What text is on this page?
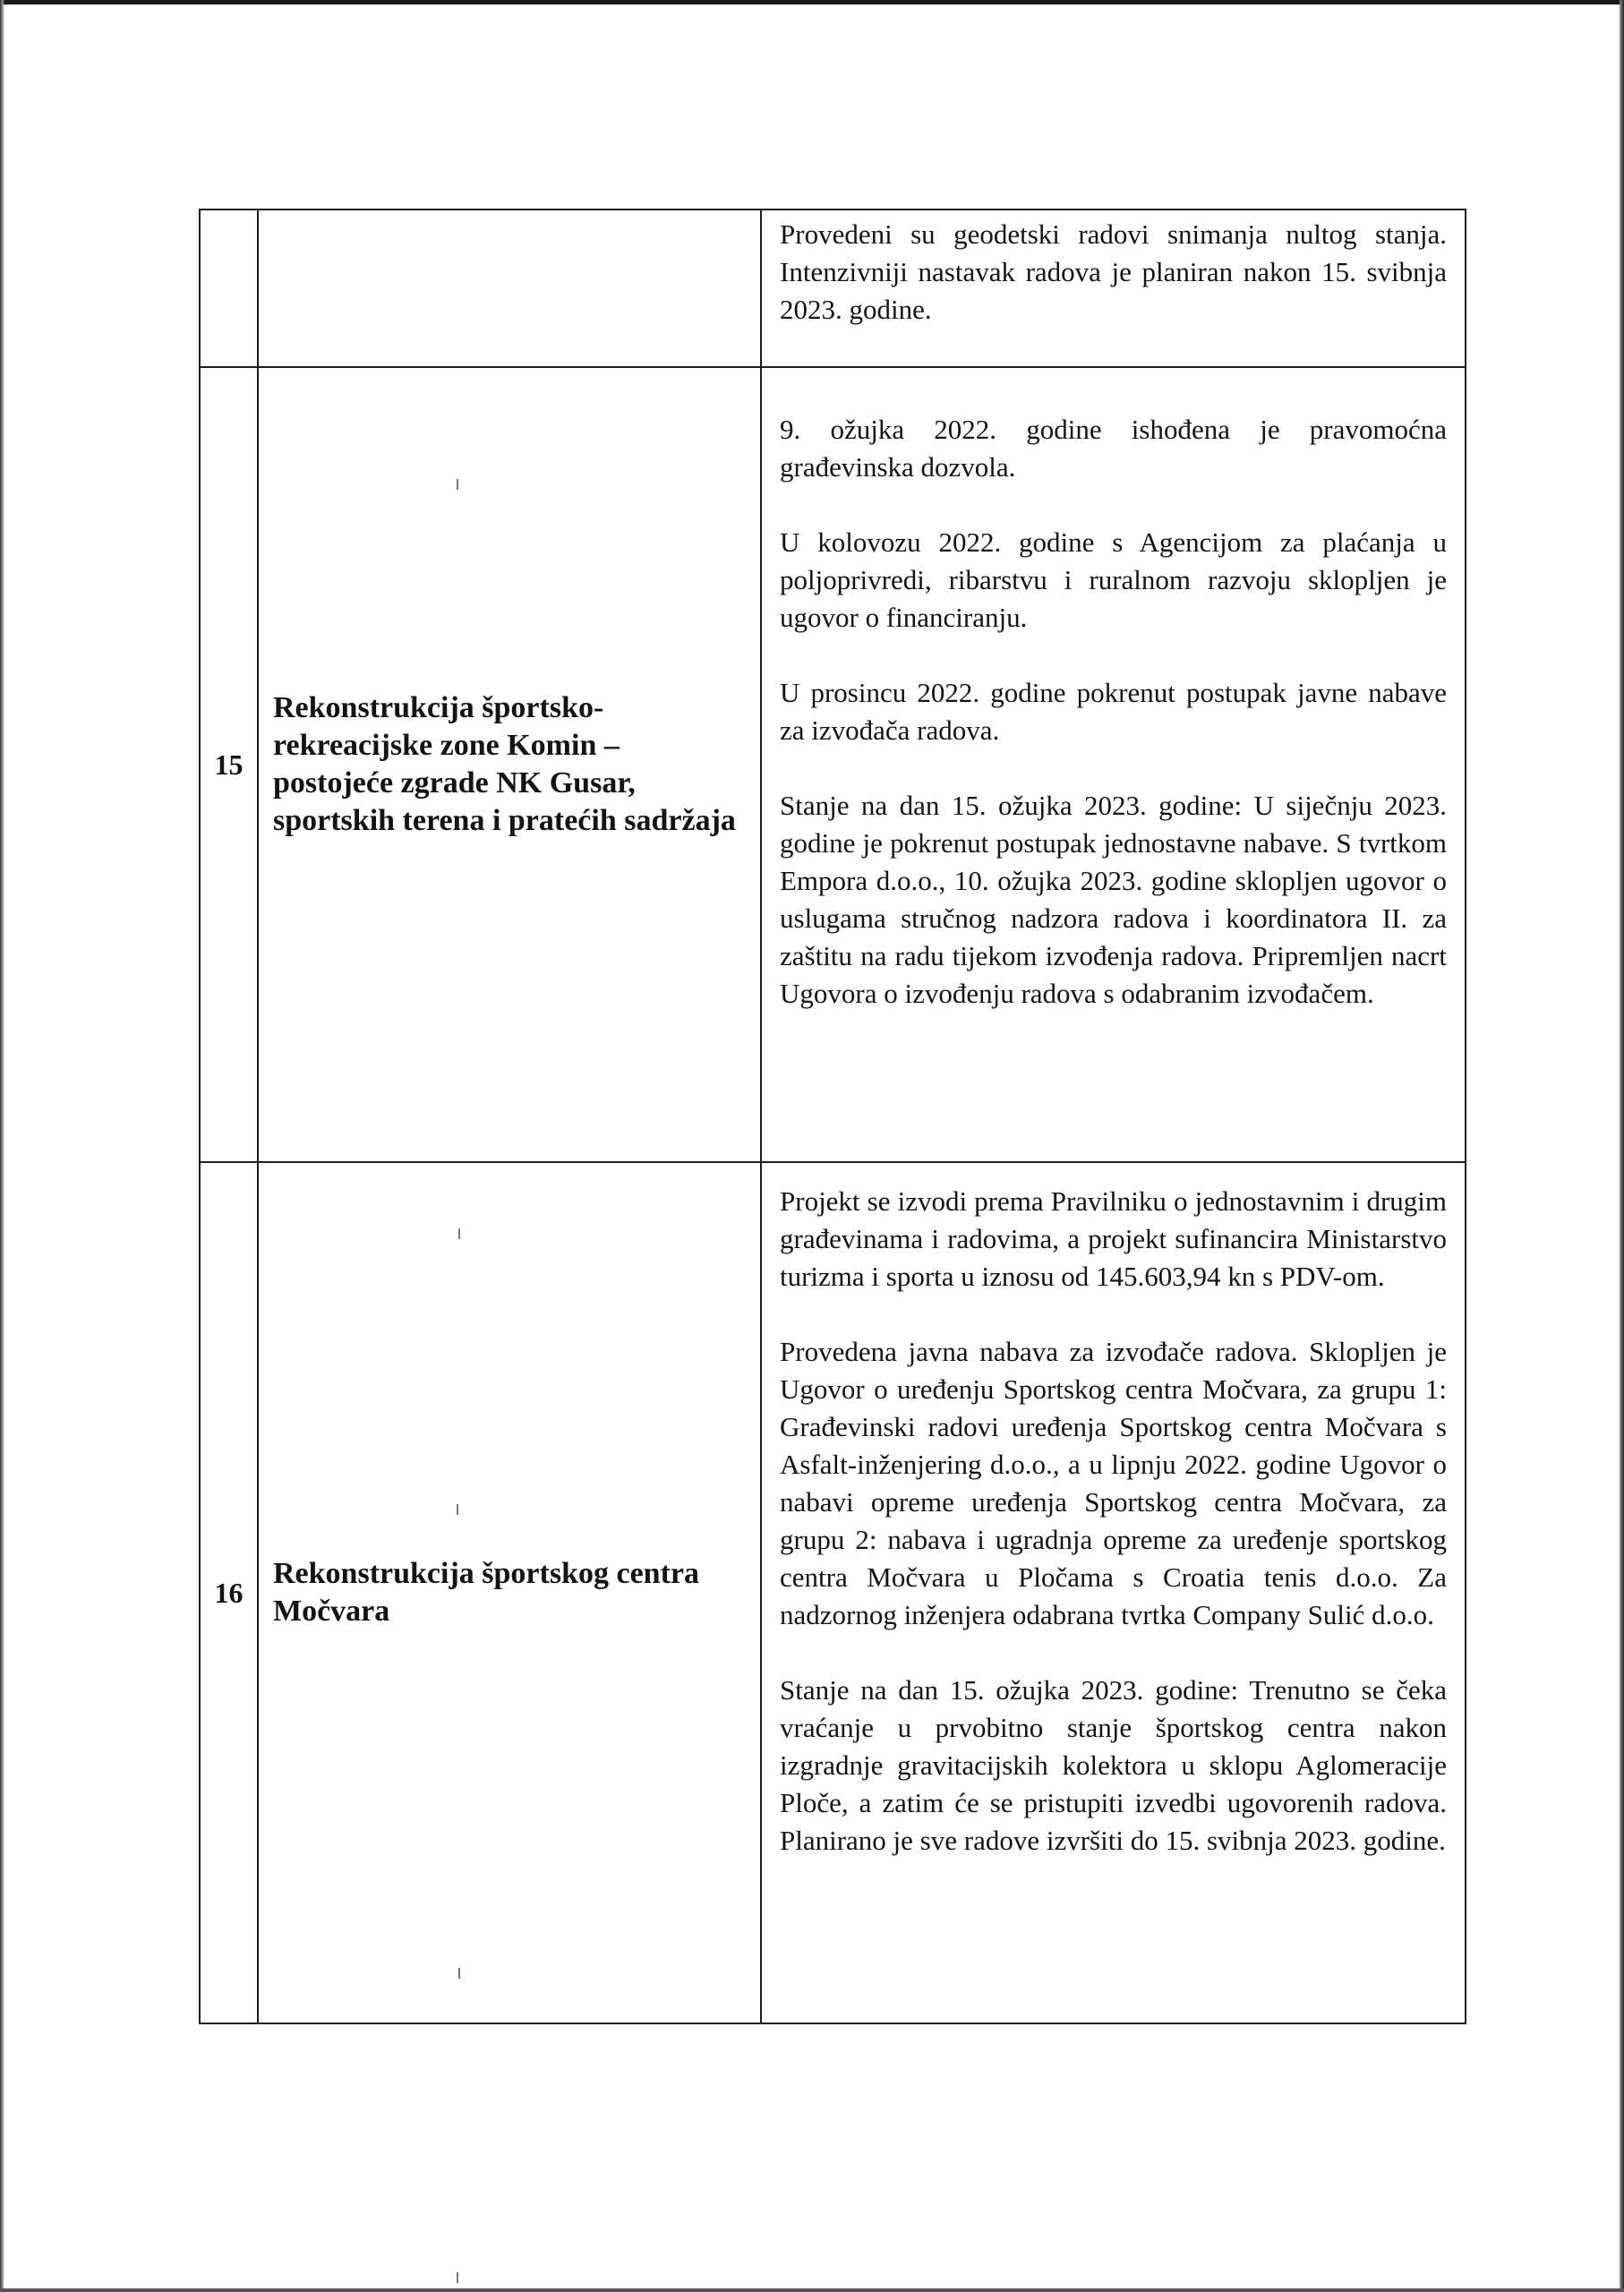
		Provedeni su geodetski radovi snimanja nultog stanja. Intenzivniji nastavak radova je planiran nakon 15. svibnja 2023. godine.

15	Rekonstrukcija športsko-rekreacijske zone Komin – postojeće zgrade NK Gusar, sportskih terena i pratećih sadržaja	9. ožujka 2022. godine ishođena je pravomoćna građevinska dozvola.

U kolovozu 2022. godine s Agencijom za plaćanja u poljoprivredi, ribarstvu i ruralnom razvoju sklopljen je ugovor o financiranju.

U prosincu 2022. godine pokrenut postupak javne nabave za izvođača radova.

Stanje na dan 15. ožujka 2023. godine: U siječnju 2023. godine je pokrenut postupak jednostavne nabave. S tvrtkom Empora d.o.o., 10. ožujka 2023. godine sklopljen ugovor o uslugama stručnog nadzora radova i koordinatora II. za zaštitu na radu tijekom izvođenja radova. Pripremljen nacrt Ugovora o izvođenju radova s odabranim izvođačem.

16	Rekonstrukcija športskog centra Močvara	Projekt se izvodi prema Pravilniku o jednostavnim i drugim građevinama i radovima, a projekt sufinancira Ministarstvo turizma i sporta u iznosu od 145.603,94 kn s PDV-om.

Provedena javna nabava za izvođače radova. Sklopljen je Ugovor o uređenju Sportskog centra Močvara, za grupu 1: Građevinski radovi uređenja Sportskog centra Močvara s Asfalt-inženjering d.o.o., a u lipnju 2022. godine Ugovor o nabavi opreme uređenja Sportskog centra Močvara, za grupu 2: nabava i ugradnja opreme za uređenje sportskog centra Močvara u Pločama s Croatia tenis d.o.o. Za nadzornog inženjera odabrana tvrtka Company Sulić d.o.o.

Stanje na dan 15. ožujka 2023. godine: Trenutno se čeka vraćanje u prvobitno stanje športskog centra nakon izgradnje gravitacijskih kolektora u sklopu Aglomeracije Ploče, a zatim će se pristupiti izvedbi ugovorenih radova. Planirano je sve radove izvršiti do 15. svibnja 2023. godine.
